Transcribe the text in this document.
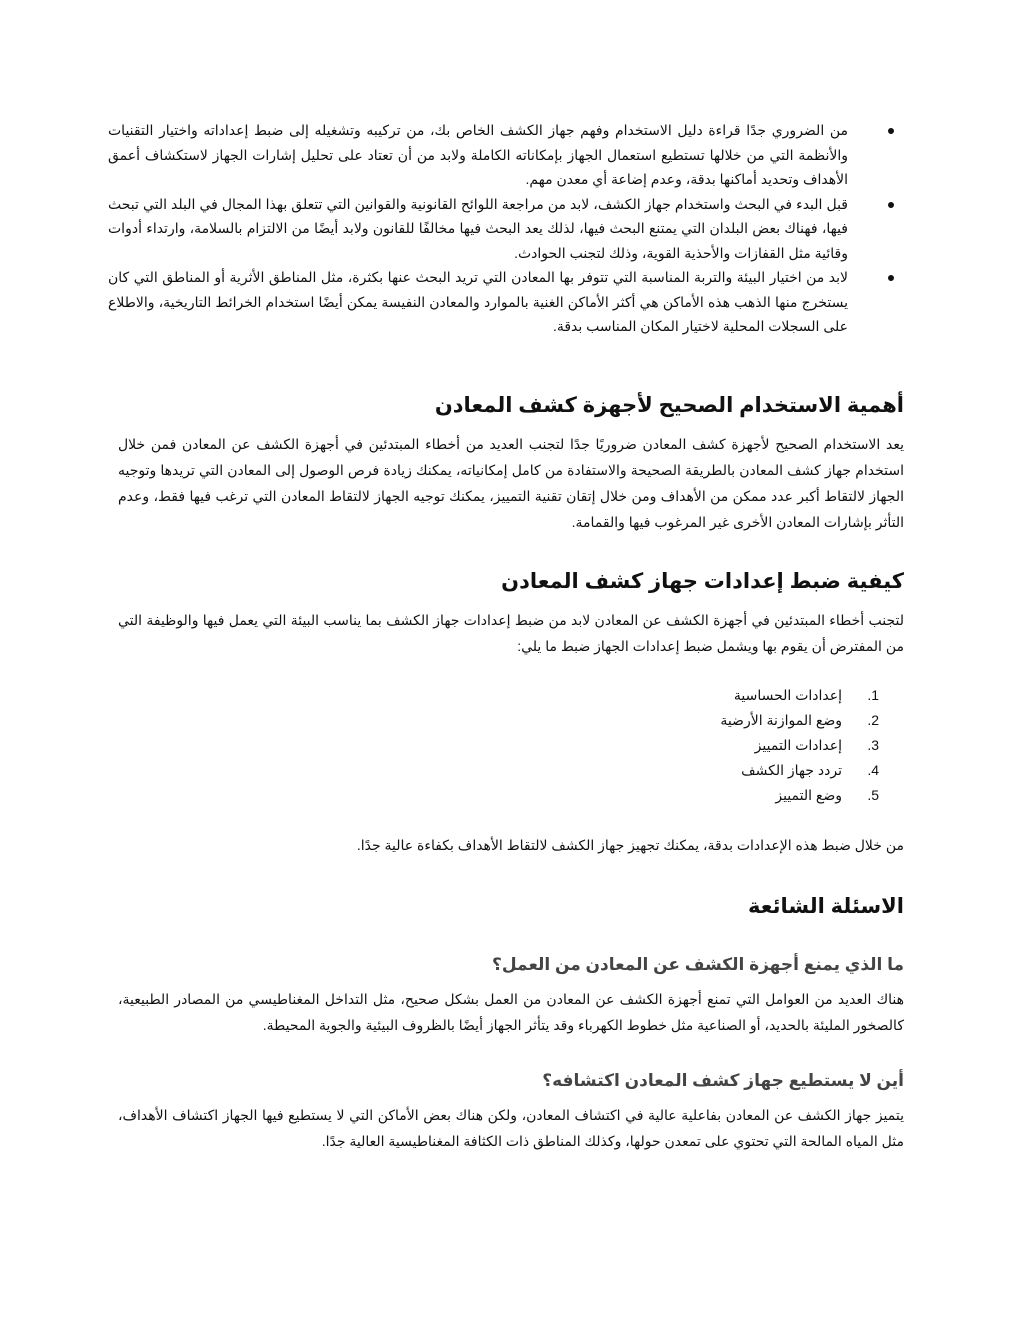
من الضروري جدًا قراءة دليل الاستخدام وفهم جهاز الكشف الخاص بك، من تركيبه وتشغيله إلى ضبط إعداداته واختيار التقنيات والأنظمة التي من خلالها تستطيع استعمال الجهاز بإمكاناته الكاملة ولابد من أن تعتاد على تحليل إشارات الجهاز لاستكشاف أعمق الأهداف وتحديد أماكنها بدقة، وعدم إضاعة أي معدن مهم.
قبل البدء في البحث واستخدام جهاز الكشف، لابد من مراجعة اللوائح القانونية والقوانين التي تتعلق بهذا المجال في البلد التي تبحث فيها، فهناك بعض البلدان التي يمتنع البحث فيها، لذلك يعد البحث فيها مخالفًا للقانون ولابد أيضًا من الالتزام بالسلامة، وارتداء أدوات وقائية مثل القفازات والأحذية القوية، وذلك لتجنب الحوادث.
لابد من اختيار البيئة والتربة المناسبة التي تتوفر بها المعادن التي تريد البحث عنها بكثرة، مثل المناطق الأثرية أو المناطق التي كان يستخرج منها الذهب هذه الأماكن هي أكثر الأماكن الغنية بالموارد والمعادن النفيسة يمكن أيضًا استخدام الخرائط التاريخية، والاطلاع على السجلات المحلية لاختيار المكان المناسب بدقة.
أهمية الاستخدام الصحيح لأجهزة كشف المعادن

يعد الاستخدام الصحيح لأجهزة كشف المعادن ضروريًا جدًا لتجنب العديد من أخطاء المبتدئين في أجهزة الكشف عن المعادن فمن خلال استخدام جهاز كشف المعادن بالطريقة الصحيحة والاستفادة من كامل إمكانياته، يمكنك زيادة فرص الوصول إلى المعادن التي تريدها وتوجيه الجهاز لالتقاط أكبر عدد ممكن من الأهداف ومن خلال إتقان تقنية التمييز، يمكنك توجيه الجهاز لالتقاط المعادن التي ترغب فيها فقط، وعدم التأثر بإشارات المعادن الأخرى غير المرغوب فيها والقمامة.

كيفية ضبط إعدادات جهاز كشف المعادن

لتجنب أخطاء المبتدئين في أجهزة الكشف عن المعادن لابد من ضبط إعدادات جهاز الكشف بما يناسب البيئة التي يعمل فيها والوظيفة التي من المفترض أن يقوم بها ويشمل ضبط إعدادات الجهاز ضبط ما يلي:

1.
إعدادات الحساسية
2.
وضع الموازنة الأرضية
3.
إعدادات التمييز
4.
تردد جهاز الكشف
5.
وضع التمييز

من خلال ضبط هذه الإعدادات بدقة، يمكنك تجهيز جهاز الكشف لالتقاط الأهداف بكفاءة عالية جدًا.

الاسئلة الشائعة
ما الذي يمنع أجهزة الكشف عن المعادن من العمل؟

هناك العديد من العوامل التي تمنع أجهزة الكشف عن المعادن من العمل بشكل صحيح، مثل التداخل المغناطيسي من المصادر الطبيعية، كالصخور المليئة بالحديد، أو الصناعية مثل خطوط الكهرباء وقد يتأثر الجهاز أيضًا بالظروف البيئية والجوية المحيطة.

أين لا يستطيع جهاز كشف المعادن اكتشافه؟

يتميز جهاز الكشف عن المعادن بفاعلية عالية في اكتشاف المعادن، ولكن هناك بعض الأماكن التي لا يستطيع فيها الجهاز اكتشاف الأهداف، مثل المياه المالحة التي تحتوي على تمعدن حولها، وكذلك المناطق ذات الكثافة المغناطيسية العالية جدًا.
